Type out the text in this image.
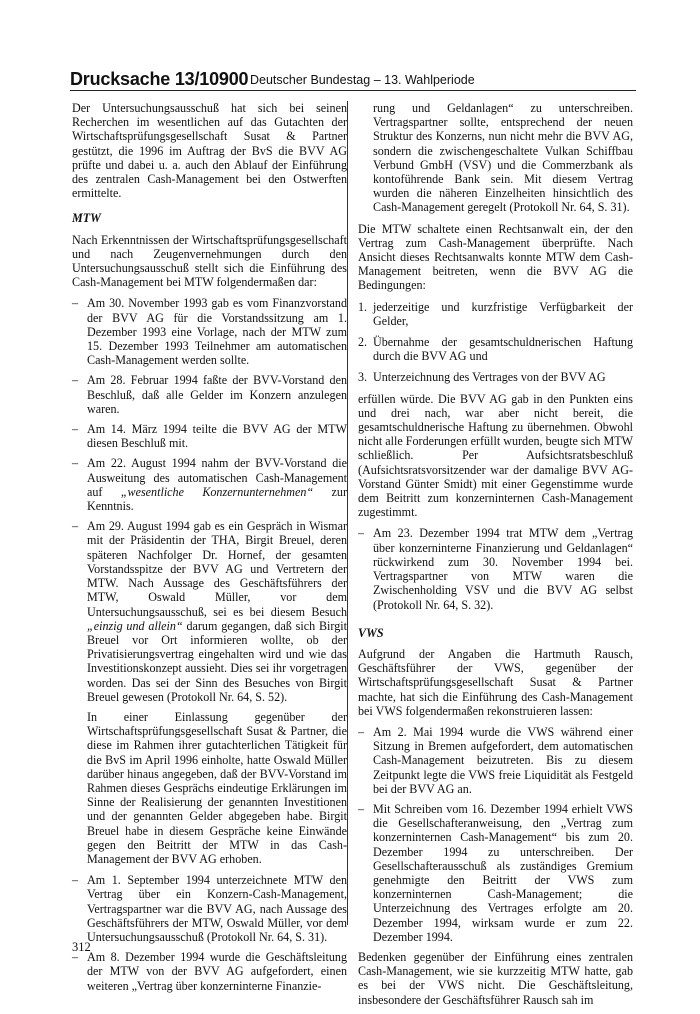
Drucksache 13/10900 Deutscher Bundestag – 13. Wahlperiode

Der Untersuchungsausschuß hat sich bei seinen Recherchen im wesentlichen auf das Gutachten der Wirtschaftsprüfungsgesellschaft Susat & Partner gestützt, die 1996 im Auftrag der BvS die BVV AG prüfte und dabei u. a. auch den Ablauf der Einführung des zentralen Cash-Management bei den Ostwerften ermittelte.

MTW

Nach Erkenntnissen der Wirtschaftsprüfungsgesellschaft und nach Zeugenvernehmungen durch den Untersuchungsausschuß stellt sich die Einführung des Cash-Management bei MTW folgendermaßen dar:

– Am 30. November 1993 gab es vom Finanzvorstand der BVV AG für die Vorstandssitzung am 1. Dezember 1993 eine Vorlage, nach der MTW zum 15. Dezember 1993 Teilnehmer am automatischen Cash-Management werden sollte.
– Am 28. Februar 1994 faßte der BVV-Vorstand den Beschluß, daß alle Gelder im Konzern anzulegen waren.
– Am 14. März 1994 teilte die BVV AG der MTW diesen Beschluß mit.
– Am 22. August 1994 nahm der BVV-Vorstand die Ausweitung des automatischen Cash-Management auf „wesentliche Konzernunternehmen“ zur Kenntnis.
– Am 29. August 1994 gab es ein Gespräch in Wismar mit der Präsidentin der THA, Birgit Breuel, deren späteren Nachfolger Dr. Hornef, der gesamten Vorstandsspitze der BVV AG und Vertretern der MTW. Nach Aussage des Geschäftsführers der MTW, Oswald Müller, vor dem Untersuchungsausschuß, sei es bei diesem Besuch „einzig und allein“ darum gegangen, daß sich Birgit Breuel vor Ort informieren wollte, ob der Privatisierungsvertrag eingehalten wird und wie das Investitionskonzept aussieht. Dies sei ihr vorgetragen worden. Das sei der Sinn des Besuches von Birgit Breuel gewesen (Protokoll Nr. 64, S. 52).

In einer Einlassung gegenüber der Wirtschaftsprüfungsgesellschaft Susat & Partner, die diese im Rahmen ihrer gutachterlichen Tätigkeit für die BvS im April 1996 einholte, hatte Oswald Müller darüber hinaus angegeben, daß der BVV-Vorstand im Rahmen dieses Gesprächs eindeutige Erklärungen im Sinne der Realisierung der genannten Investitionen und der genannten Gelder abgegeben habe. Birgit Breuel habe in diesem Gespräche keine Einwände gegen den Beitritt der MTW in das Cash-Management der BVV AG erhoben.

– Am 1. September 1994 unterzeichnete MTW den Vertrag über ein Konzern-Cash-Management, Vertragspartner war die BVV AG, nach Aussage des Geschäftsführers der MTW, Oswald Müller, vor dem Untersuchungsausschuß (Protokoll Nr. 64, S. 31).
– Am 8. Dezember 1994 wurde die Geschäftsleitung der MTW von der BVV AG aufgefordert, einen weiteren „Vertrag über konzerninterne Finanzie-

rung und Geldanlagen“ zu unterschreiben. Vertragspartner sollte, entsprechend der neuen Struktur des Konzerns, nun nicht mehr die BVV AG, sondern die zwischengeschaltete Vulkan Schiffbau Verbund GmbH (VSV) und die Commerzbank als kontoführende Bank sein. Mit diesem Vertrag wurden die näheren Einzelheiten hinsichtlich des Cash-Management geregelt (Protokoll Nr. 64, S. 31).

Die MTW schaltete einen Rechtsanwalt ein, der den Vertrag zum Cash-Management überprüfte. Nach Ansicht dieses Rechtsanwalts konnte MTW dem Cash-Management beitreten, wenn die BVV AG die Bedingungen:

1. jederzeitige und kurzfristige Verfügbarkeit der Gelder,
2. Übernahme der gesamtschuldnerischen Haftung durch die BVV AG und
3. Unterzeichnung des Vertrages von der BVV AG

erfüllen würde. Die BVV AG gab in den Punkten eins und drei nach, war aber nicht bereit, die gesamtschuldnerische Haftung zu übernehmen. Obwohl nicht alle Forderungen erfüllt wurden, beugte sich MTW schließlich. Per Aufsichtsratsbeschluß (Aufsichtsratsvorsitzender war der damalige BVV AG-Vorstand Günter Smidt) mit einer Gegenstimme wurde dem Beitritt zum konzerninternen Cash-Management zugestimmt.

– Am 23. Dezember 1994 trat MTW dem „Vertrag über konzerninterne Finanzierung und Geldanlagen“ rückwirkend zum 30. November 1994 bei. Vertragspartner von MTW waren die Zwischenholding VSV und die BVV AG selbst (Protokoll Nr. 64, S. 32).
VWS

Aufgrund der Angaben die Hartmuth Rausch, Geschäftsführer der VWS, gegenüber der Wirtschaftsprüfungsgesellschaft Susat & Partner machte, hat sich die Einführung des Cash-Management bei VWS folgendermaßen rekonstruieren lassen:

– Am 2. Mai 1994 wurde die VWS während einer Sitzung in Bremen aufgefordert, dem automatischen Cash-Management beizutreten. Bis zu diesem Zeitpunkt legte die VWS freie Liquidität als Festgeld bei der BVV AG an.
– Mit Schreiben vom 16. Dezember 1994 erhielt VWS die Gesellschafteranweisung, den „Vertrag zum konzerninternen Cash-Management“ bis zum 20. Dezember 1994 zu unterschreiben. Der Gesellschafterausschuß als zuständiges Gremium genehmigte den Beitritt der VWS zum konzerninternen Cash-Management; die Unterzeichnung des Vertrages erfolgte am 20. Dezember 1994, wirksam wurde er zum 22. Dezember 1994.

Bedenken gegenüber der Einführung eines zentralen Cash-Management, wie sie kurzzeitig MTW hatte, gab es bei der VWS nicht. Die Geschäftsleitung, insbesondere der Geschäftsführer Rausch sah im

312
